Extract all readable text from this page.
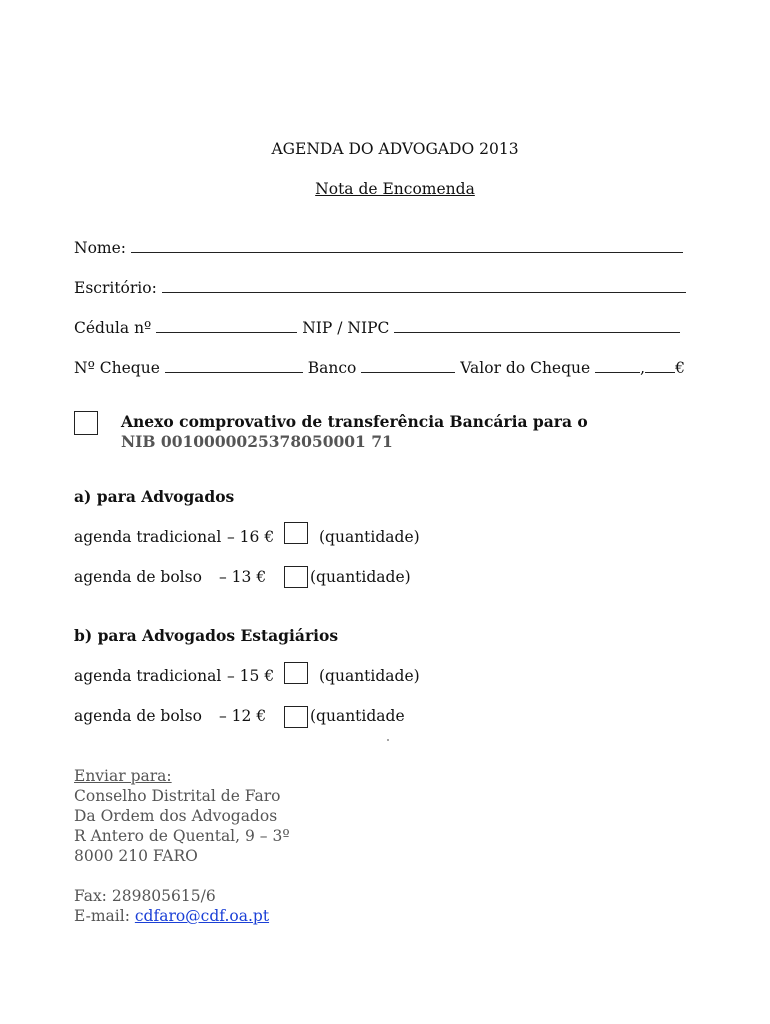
AGENDA DO ADVOGADO 2013
Nota de Encomenda
Nome:
Escritório:
Cédula nº	NIP / NIPC
Nº Cheque	Banco	Valor do Cheque	, €
Anexo comprovativo de transferência Bancária para o
NIB 0010000025378050001 71
a) para Advogados
agenda tradicional – 16 €	(quantidade)
agenda de bolso – 13 €	(quantidade)
b) para Advogados Estagiários
agenda tradicional – 15 €	(quantidade)
agenda de bolso – 12 €	(quantidade
Enviar para:
Conselho Distrital de Faro
Da Ordem dos Advogados
R Antero de Quental, 9 – 3º
8000 210 FARO
Fax: 289805615/6
E-mail: cdfaro@cdf.oa.pt
